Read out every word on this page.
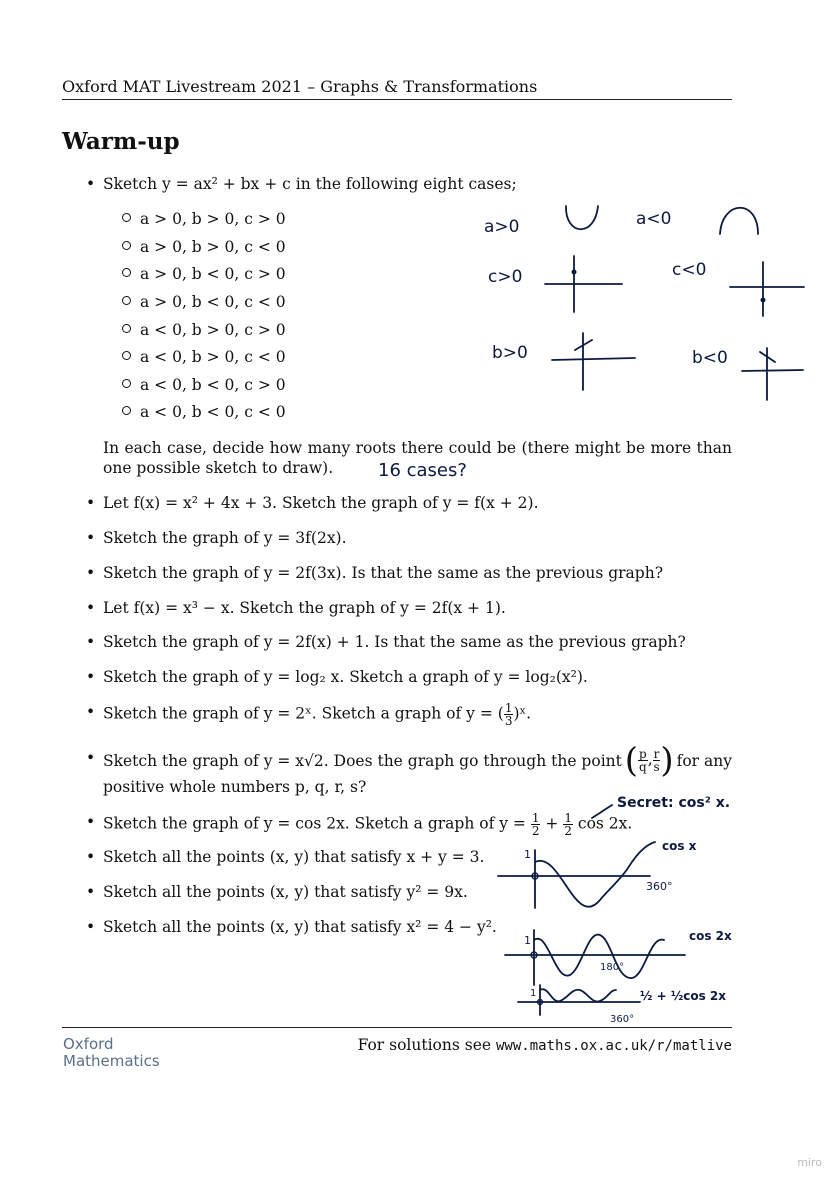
Oxford MAT Livestream 2021 – Graphs & Transformations
Warm-up
• Sketch y = ax² + bx + c in the following eight cases;
a > 0, b > 0, c > 0
a > 0, b > 0, c < 0
a > 0, b < 0, c > 0
a > 0, b < 0, c < 0
a < 0, b > 0, c > 0
a < 0, b > 0, c < 0
a < 0, b < 0, c > 0
a < 0, b < 0, c < 0
In each case, decide how many roots there could be (there might be more than one possible sketch to draw).
• Let f(x) = x² + 4x + 3. Sketch the graph of y = f(x + 2).
• Sketch the graph of y = 3f(2x).
• Sketch the graph of y = 2f(3x). Is that the same as the previous graph?
• Let f(x) = x³ − x. Sketch the graph of y = 2f(x + 1).
• Sketch the graph of y = 2f(x) + 1. Is that the same as the previous graph?
• Sketch the graph of y = log₂ x. Sketch a graph of y = log₂(x²).
• Sketch the graph of y = 2ˣ. Sketch a graph of y = ( $\frac{1}{3}$ )ˣ.
• Sketch the graph of y = x√2. Does the graph go through the point ( $\frac{p}{q}$ , $\frac{r}{s}$ ) for any
positive whole numbers p, q, r, s?
• Sketch the graph of y = cos 2x. Sketch a graph of $y = \frac{1}{2} + \frac{1}{2}$ cos 2x.
• Sketch all the points (x, y) that satisfy x + y = 3.
• Sketch all the points (x, y) that satisfy y² = 9x.
• Sketch all the points (x, y) that satisfy x² = 4 − y².
a>0	a<0
c>0	c<0
b>0	b<0
16 cases?
Secret: cos² x.
1
cos x
360°
1	cos 2x
180°
1	½ + ½cos 2x
360°
Oxford
Mathematics
For solutions see www.maths.ox.ac.uk/r/matlive
miro
